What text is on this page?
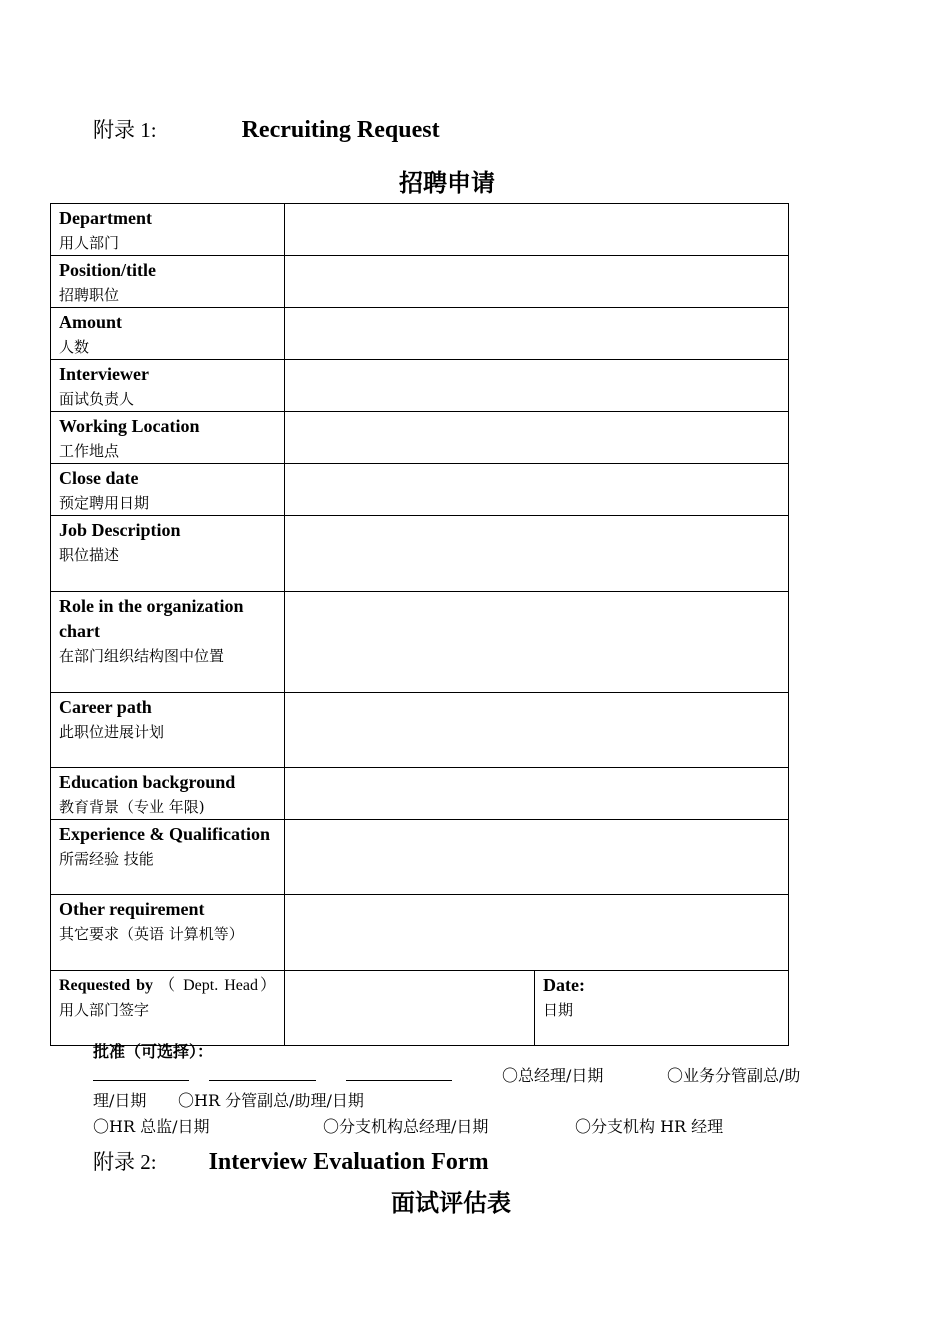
附录 1:	Recruiting Request
招聘申请
Department
用人部门		

Position/title
招聘职位		

Amount
人数		

Interviewer
面试负责人		

Working Location
工作地点		

Close date
预定聘用日期		

Job Description
职位描述		

Role in the organization chart
在部门组织结构图中位置		

Career path
此职位进展计划		

Education background
教育背景（专业 年限)		

Experience & Qualification
所需经验 技能		

Other requirement
其它要求（英语 计算机等）		

Requested by （ Dept. Head）
用人部门签字		Date:
日期
批准（可选择）：
〇总经理/日期	〇业务分管副总/助
理/日期 〇HR 分管副总/助理/日期
〇HR 总监/日期	〇分支机构总经理/日期	〇分支机构 HR 经理
附录 2: Interview Evaluation Form
面试评估表
